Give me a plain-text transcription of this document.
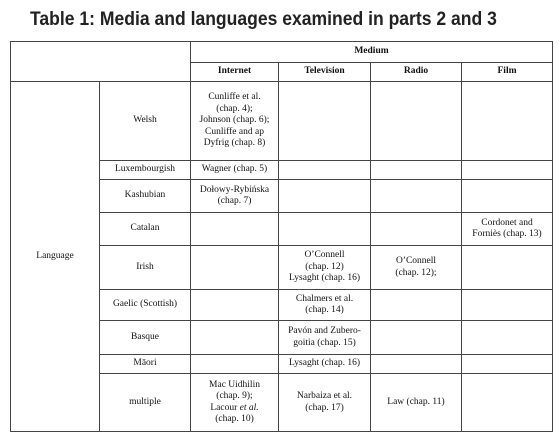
Table 1: Media and languages examined in parts 2 and 3
		Medium			
		Internet	Television	Radio	Film
Language	Welsh	Cunliffe et al.
(chap. 4);
Johnson (chap. 6);
Cunliffe and ap
Dyfrig (chap. 8)			

	Luxembourgish	Wagner (chap. 5)			

	Kashubian	Dołowy-Rybińska
(chap. 7)			

	Catalan				Cordonet and
Forniès (chap. 13)

	Irish		O’Connell
(chap. 12)
Lysaght (chap. 16)	O’Connell
(chap. 12);	

	Gaelic (Scottish)		Chalmers et al.
(chap. 14)		

	Basque		Pavón and Zubero-
goitia (chap. 15)		

	Māori		Lysaght (chap. 16)		

	multiple	Mac Uidhilin
(chap. 9);
Lacour et al.
(chap. 10)	Narbaiza et al.
(chap. 17)	Law (chap. 11)	
